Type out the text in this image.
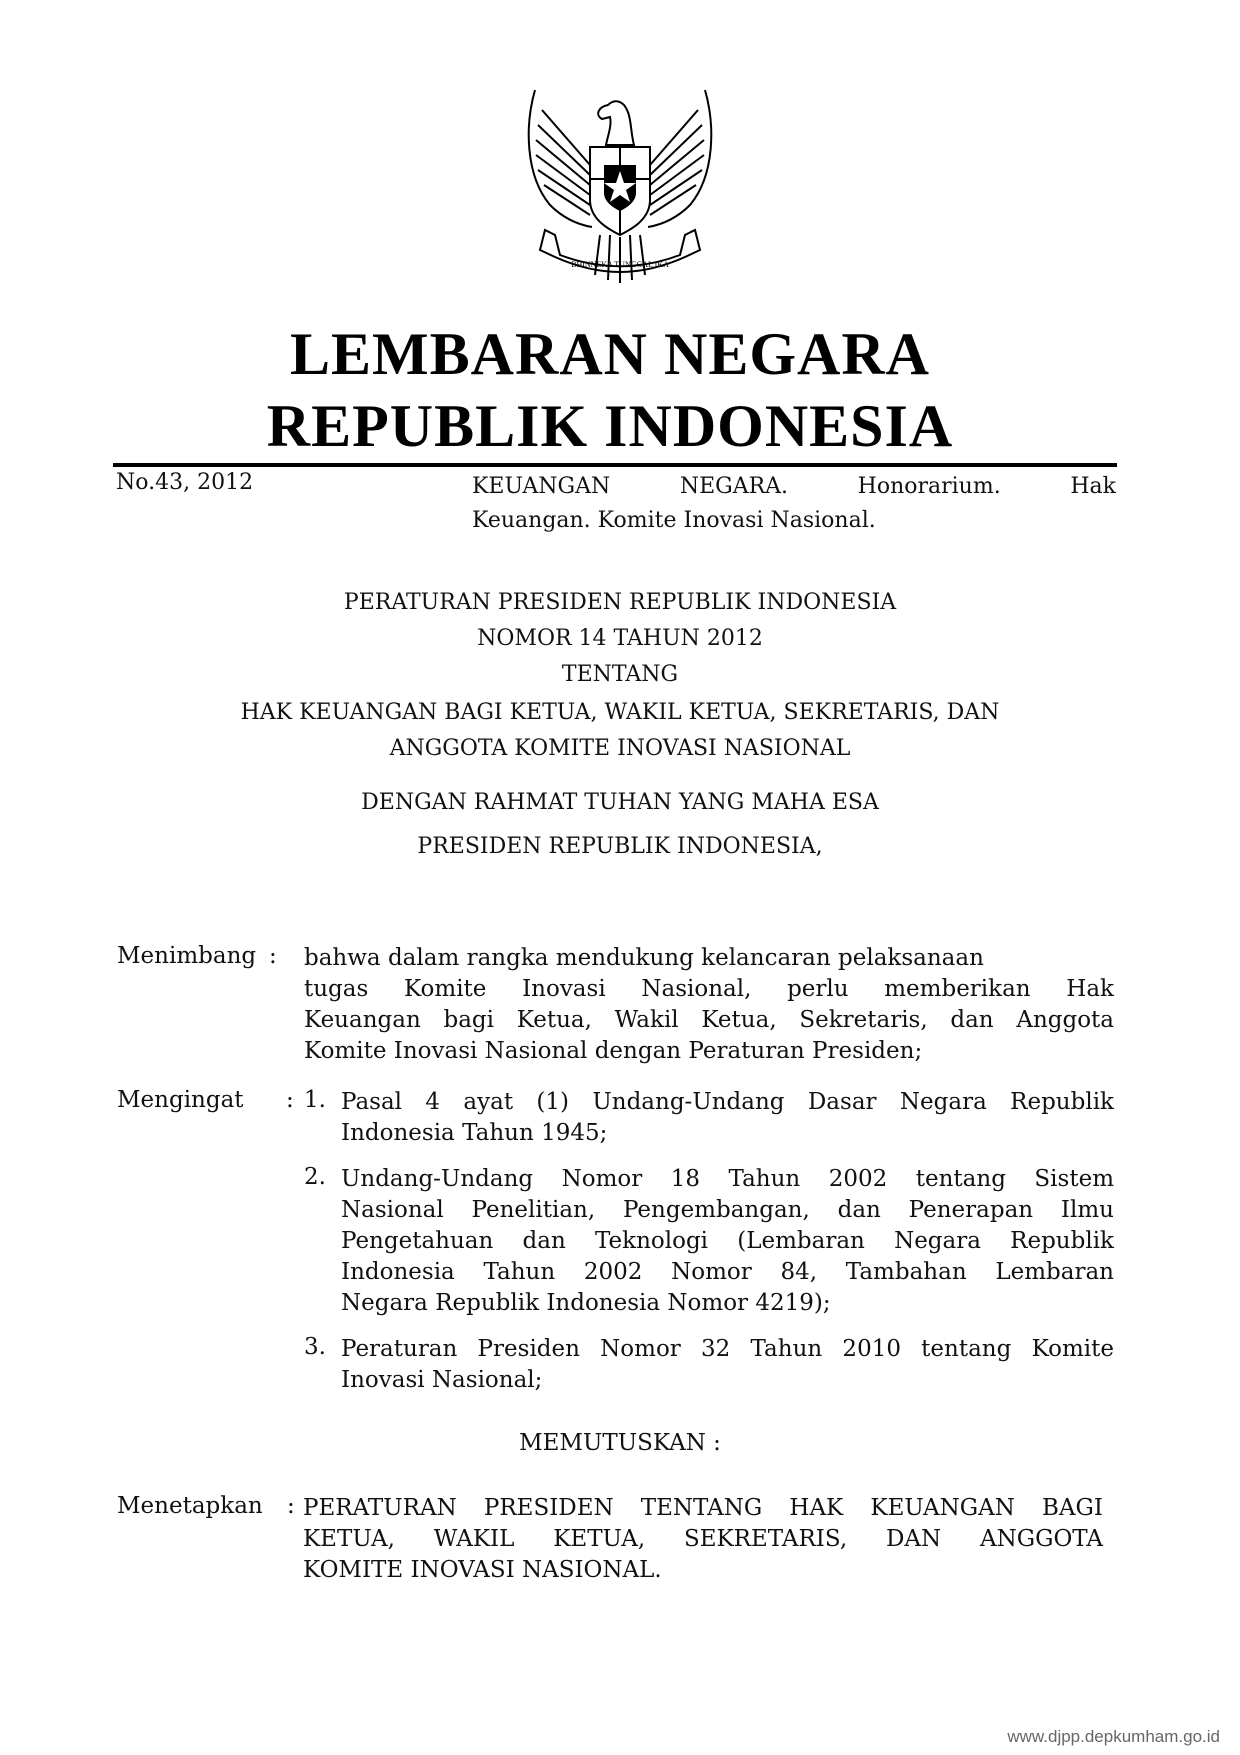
BHINNEKA TUNGGAL IKA
LEMBARAN NEGARA
REPUBLIK INDONESIA
No.43, 2012	KEUANGAN	NEGARA.	Honorarium.	Hak
Keuangan. Komite Inovasi Nasional.
PERATURAN PRESIDEN REPUBLIK INDONESIA
NOMOR 14 TAHUN 2012
TENTANG
HAK KEUANGAN BAGI KETUA, WAKIL KETUA, SEKRETARIS, DAN
ANGGOTA KOMITE INOVASI NASIONAL
DENGAN RAHMAT TUHAN YANG MAHA ESA
PRESIDEN REPUBLIK INDONESIA,
Menimbang : bahwa dalam rangka mendukung kelancaran pelaksanaan
tugas Komite Inovasi Nasional, perlu memberikan Hak
Keuangan bagi Ketua, Wakil Ketua, Sekretaris, dan Anggota
Komite Inovasi Nasional dengan Peraturan Presiden;
Mengingat : 1. Pasal 4 ayat (1) Undang-Undang Dasar Negara Republik
Indonesia Tahun 1945;
2. Undang-Undang Nomor 18 Tahun 2002 tentang Sistem
Nasional Penelitian, Pengembangan, dan Penerapan Ilmu
Pengetahuan dan Teknologi (Lembaran Negara Republik
Indonesia Tahun 2002 Nomor 84, Tambahan Lembaran
Negara Republik Indonesia Nomor 4219);
3. Peraturan Presiden Nomor 32 Tahun 2010 tentang Komite
Inovasi Nasional;
MEMUTUSKAN :
Menetapkan : PERATURAN PRESIDEN TENTANG HAK KEUANGAN BAGI
KETUA, WAKIL KETUA, SEKRETARIS, DAN ANGGOTA
KOMITE INOVASI NASIONAL.
www.djpp.depkumham.go.id
